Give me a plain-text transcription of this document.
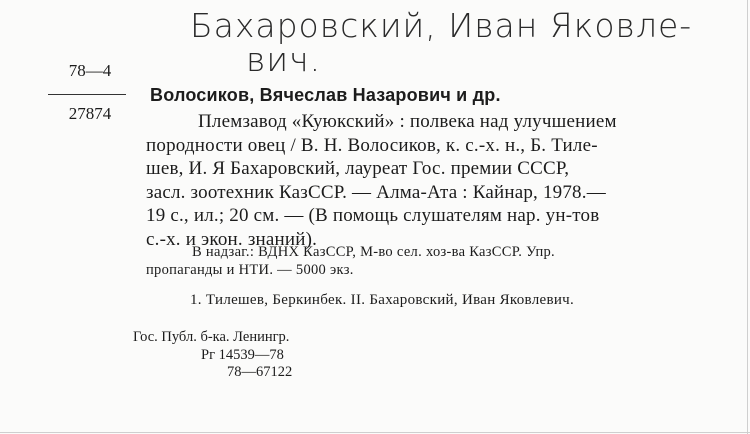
Бахаровский, Иван Яковле-
вич.
78—4
27874
Волосиков, Вячеслав Назарович и др.
Племзавод «Куюкский» : полвека над улучшением
породности овец / В. Н. Волосиков, к. с.-х. н., Б. Тиле-
шев, И. Я Бахаровский, лауреат Гос. премии СССР,
засл. зоотехник КазССР. — Алма-Ата : Кайнар, 1978.—
19 с., ил.; 20 см. — (В помощь слушателям нар. ун-тов
с.-х. и экон. знаний).
В надзаг.: ВДНХ КазССР, М-во сел. хоз-ва КазССР. Упр.
пропаганды и НТИ. — 5000 экз.
1. Тилешев, Беркинбек. II. Бахаровский, Иван Яковлевич.
Гос. Публ. б-ка. Ленингр.
Рг 14539—78
78—67122
